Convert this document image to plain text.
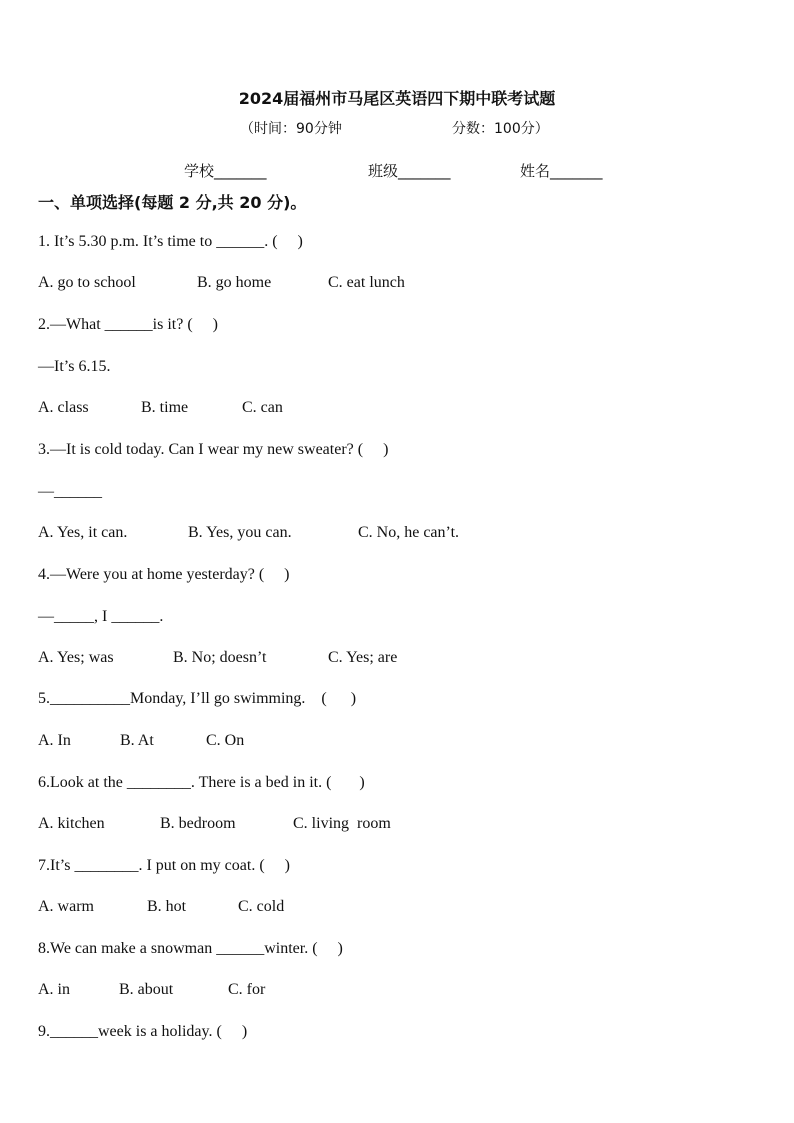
2024届福州市马尾区英语四下期中联考试题
（时间：90分钟	分数：100分）
学校_______	班级_______	姓名_______
一、单项选择(每题 2 分,共 20 分)。
1. It’s 5.30 p.m. It’s time to ______. (     )
A. go to school	B. go home	C. eat lunch
2.—What ______is it? (     )
—It’s 6.15.
A. class	B. time	C. can
3.—It is cold today. Can I wear my new sweater? (     )
—______
A. Yes, it can.	B. Yes, you can.	C. No, he can’t.
4.—Were you at home yesterday? (     )
—_____, I ______.
A. Yes; was	B. No; doesn’t	C. Yes; are
5.__________Monday, I’ll go swimming.    (      )
A. In	B. At	C. On
6.Look at the ________. There is a bed in it. (       )
A. kitchen	B. bedroom	C. living  room
7.It’s ________. I put on my coat. (     )
A. warm	B. hot	C. cold
8.We can make a snowman ______winter. (     )
A. in	B. about	C. for
9.______week is a holiday. (     )
